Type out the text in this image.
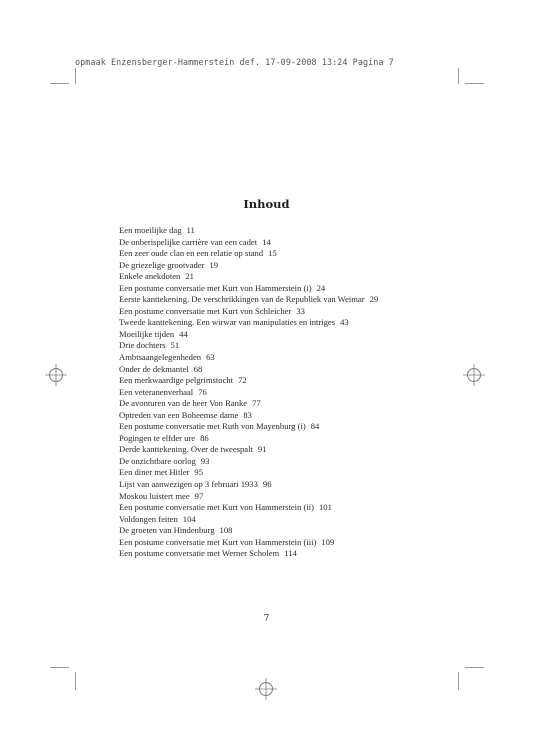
opmaak Enzensberger-Hammerstein def. 17-09-2008 13:24 Pagina 7
Inhoud
Een moeilijke dag 11
De onberispelijke carrière van een cadet 14
Een zeer oude clan en een relatie op stand 15
De griezelige grootvader 19
Enkele anekdoten 21
Een postume conversatie met Kurt von Hammerstein (i) 24
Eerste kanttekening. De verschrikkingen van de Republiek van Weimar 29
Een postume conversatie met Kurt von Schleicher 33
Tweede kanttekening. Een wirwar van manipulaties en intriges 43
Moeilijke tijden 44
Drie dochters 51
Ambtsaangelegenheden 63
Onder de dekmantel 68
Een merkwaardige pelgrimstocht 72
Een veteranenverhaal 76
De avonturen van de heer Von Ranke 77
Optreden van een Boheemse dame 83
Een postume conversatie met Ruth von Mayenburg (i) 84
Pogingen te elfder ure 86
Derde kanttekening. Over de tweespalt 91
De onzichtbare oorlog 93
Een diner met Hitler 95
Lijst van aanwezigen op 3 februari 1933 96
Moskou luistert mee 97
Een postume conversatie met Kurt von Hammerstein (ii) 101
Voldongen feiten 104
De groeten van Hindenburg 108
Een postume conversatie met Kurt von Hammerstein (iii) 109
Een postume conversatie met Werner Scholem 114
7
